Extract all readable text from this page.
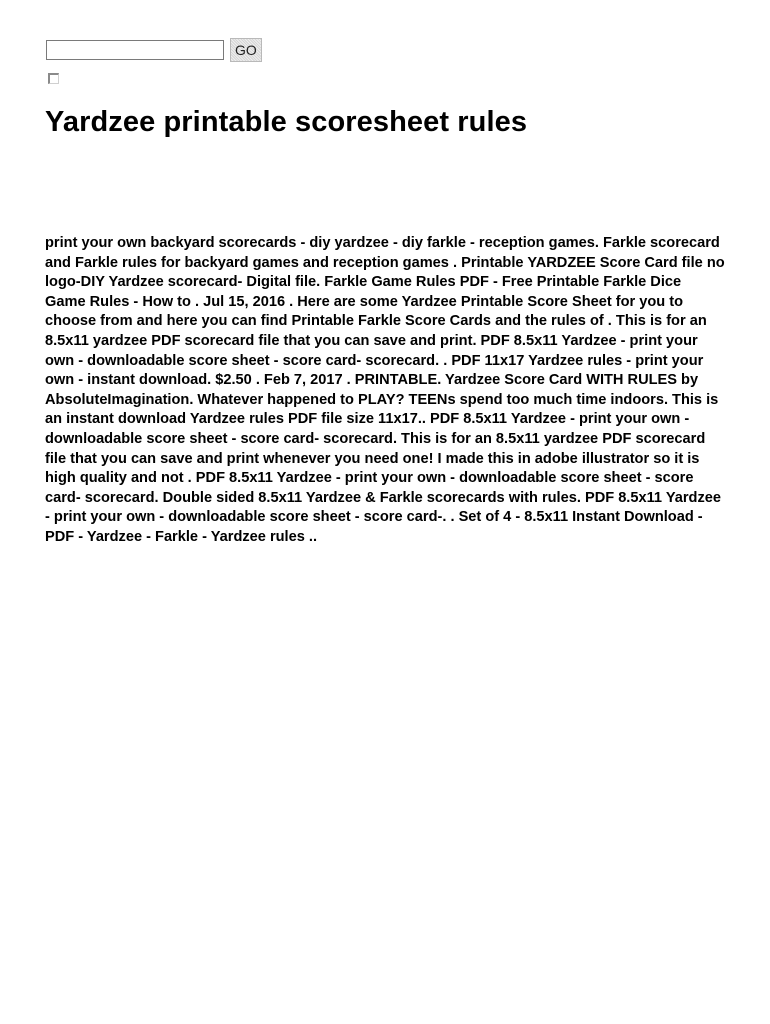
GO
Yardzee printable scoresheet rules

print your own backyard scorecards - diy yardzee - diy farkle - reception games. Farkle scorecard and Farkle rules for backyard games and reception games . Printable YARDZEE Score Card file no logo-DIY Yardzee scorecard- Digital file. Farkle Game Rules PDF - Free Printable Farkle Dice Game Rules - How to . Jul 15, 2016 . Here are some Yardzee Printable Score Sheet for you to choose from and here you can find Printable Farkle Score Cards and the rules of . This is for an 8.5x11 yardzee PDF scorecard file that you can save and print. PDF 8.5x11 Yardzee - print your own - downloadable score sheet - score card- scorecard. . PDF 11x17 Yardzee rules - print your own - instant download. $2.50 . Feb 7, 2017 . PRINTABLE. Yardzee Score Card WITH RULES by AbsoluteImagination. Whatever happened to PLAY? TEENs spend too much time indoors. This is an instant download Yardzee rules PDF file size 11x17.. PDF 8.5x11 Yardzee - print your own - downloadable score sheet - score card- scorecard. This is for an 8.5x11 yardzee PDF scorecard file that you can save and print whenever you need one! I made this in adobe illustrator so it is high quality and not . PDF 8.5x11 Yardzee - print your own - downloadable score sheet - score card- scorecard. Double sided 8.5x11 Yardzee & Farkle scorecards with rules. PDF 8.5x11 Yardzee - print your own - downloadable score sheet - score card-. . Set of 4 - 8.5x11 Instant Download - PDF - Yardzee - Farkle - Yardzee rules ..
